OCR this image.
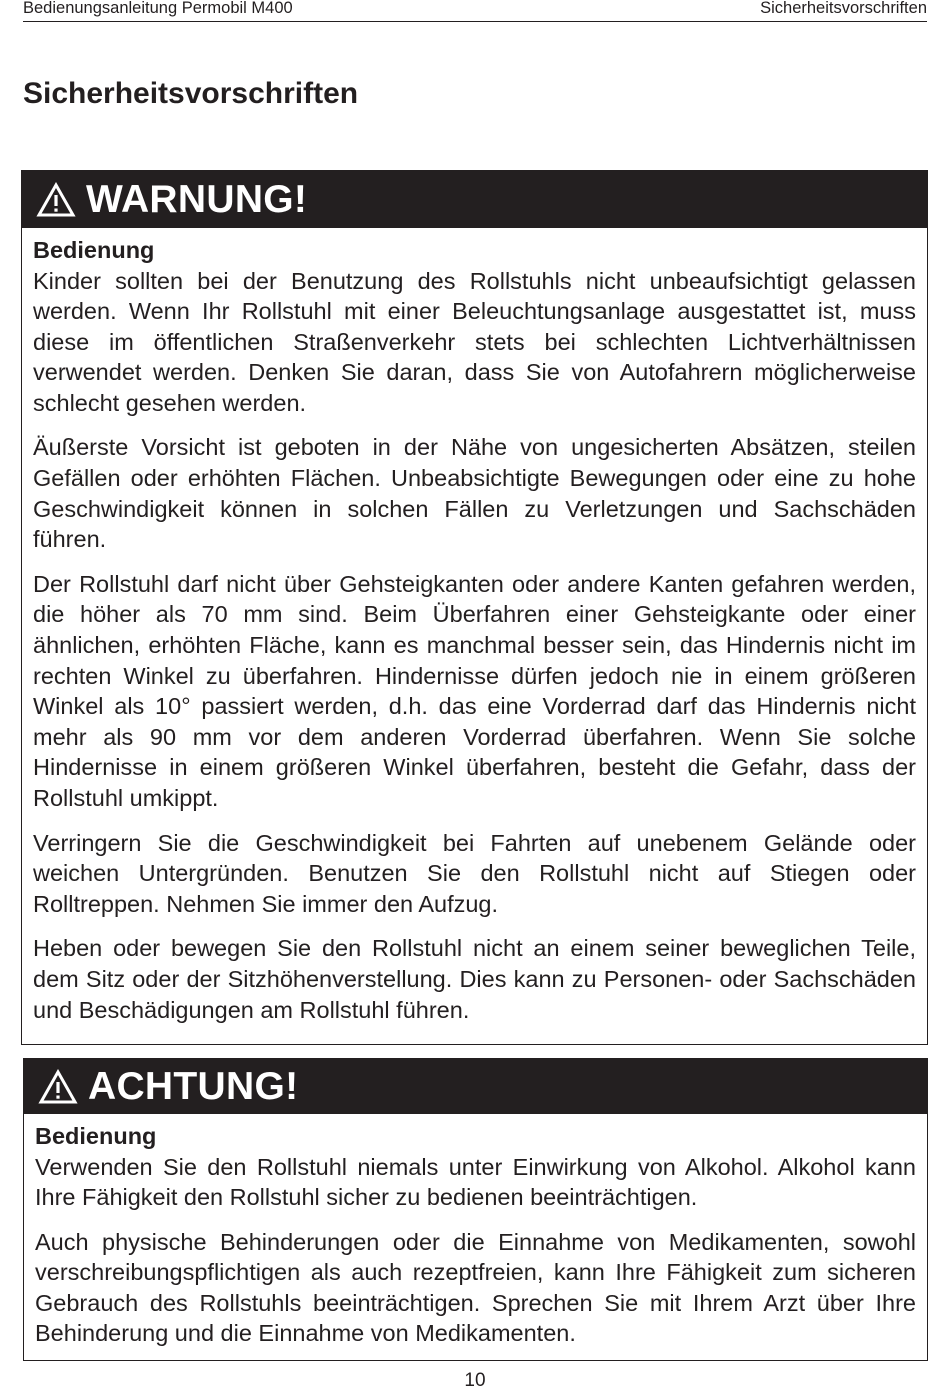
Bedienungsanleitung Permobil M400	Sicherheitsvorschriften
Sicherheitsvorschriften
WARNUNG!
Bedienung

Kinder sollten bei der Benutzung des Rollstuhls nicht unbeaufsichtigt gelassen werden. Wenn Ihr Rollstuhl mit einer Beleuchtungsanlage ausgestattet ist, muss diese im öffentlichen Straßenverkehr stets bei schlechten Lichtverhältnissen verwendet werden. Denken Sie daran, dass Sie von Autofahrern möglicherweise schlecht gesehen werden.

Äußerste Vorsicht ist geboten in der Nähe von ungesicherten Absätzen, steilen Gefällen oder erhöhten Flächen. Unbeabsichtigte Bewegungen oder eine zu hohe Geschwindigkeit können in solchen Fällen zu Verletzungen und Sachschäden führen.

Der Rollstuhl darf nicht über Gehsteigkanten oder andere Kanten gefahren werden, die höher als 70 mm sind. Beim Überfahren einer Gehsteigkante oder einer ähnlichen, erhöhten Fläche, kann es manchmal besser sein, das Hindernis nicht im rechten Winkel zu überfahren. Hindernisse dürfen jedoch nie in einem größeren Winkel als 10° passiert werden, d.h. das eine Vorderrad darf das Hindernis nicht mehr als 90 mm vor dem anderen Vorderrad überfahren. Wenn Sie solche Hindernisse in einem größeren Winkel überfahren, besteht die Gefahr, dass der Rollstuhl umkippt.

Verringern Sie die Geschwindigkeit bei Fahrten auf unebenem Gelände oder weichen Untergründen. Benutzen Sie den Rollstuhl nicht auf Stiegen oder Rolltreppen. Nehmen Sie immer den Aufzug.

Heben oder bewegen Sie den Rollstuhl nicht an einem seiner beweglichen Teile, dem Sitz oder der Sitzhöhenverstellung. Dies kann zu Personen- oder Sachschäden und Beschädigungen am Rollstuhl führen.

ACHTUNG!
Bedienung

Verwenden Sie den Rollstuhl niemals unter Einwirkung von Alkohol. Alkohol kann Ihre Fähigkeit den Rollstuhl sicher zu bedienen beeinträchtigen.

Auch physische Behinderungen oder die Einnahme von Medikamenten, sowohl verschreibungspflichtigen als auch rezeptfreien, kann Ihre Fähigkeit zum sicheren Gebrauch des Rollstuhls beeinträchtigen. Sprechen Sie mit Ihrem Arzt über Ihre Behinderung und die Einnahme von Medikamenten.

10
